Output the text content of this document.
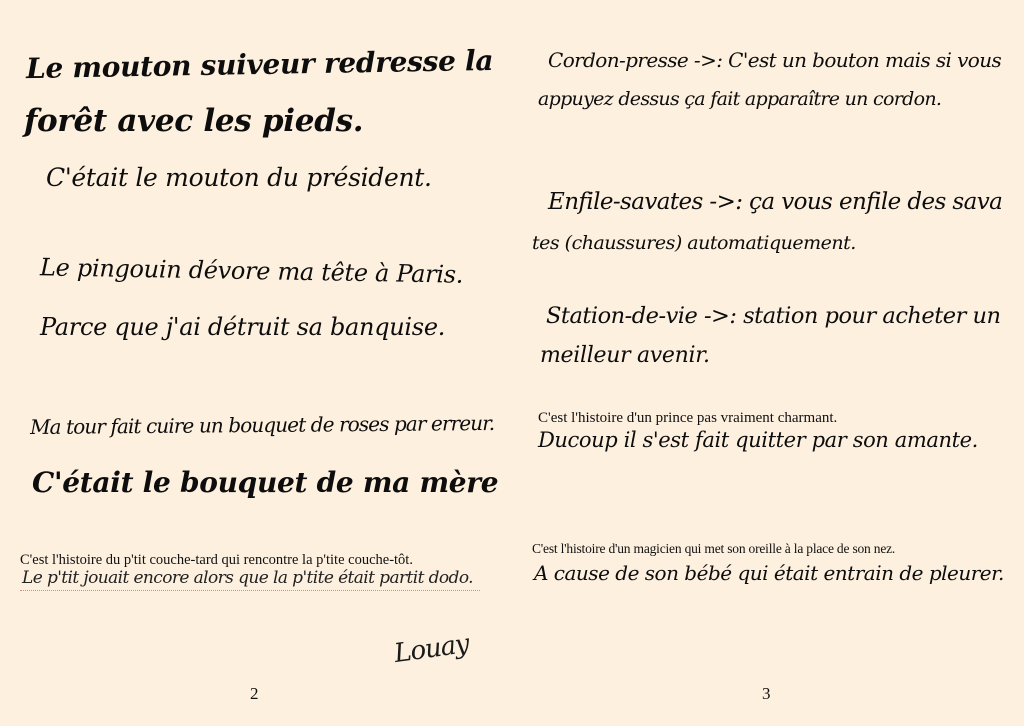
Le mouton suiveur redresse la
forêt avec les pieds.
C'était le mouton du président.
Le pingouin dévore ma tête à Paris.
Parce que j'ai détruit sa banquise.
Ma tour fait cuire un bouquet de roses par erreur.
C'était le bouquet de ma mère
C'est l'histoire du p'tit couche-tard qui rencontre la p'tite couche-tôt.
Le p'tit jouait encore alors que la p'tite était partit dodo.
Louay
2
Cordon-presse ->: C'est un bouton mais si vous
appuyez dessus ça fait apparaître un cordon.
Enfile-savates ->: ça vous enfile des sava
tes (chaussures) automatiquement.
Station-de-vie ->: station pour acheter un
meilleur avenir.
C'est l'histoire d'un prince pas vraiment charmant.
Ducoup il s'est fait quitter par son amante.
C'est l'histoire d'un magicien qui met son oreille à la place de son nez.
A cause de son bébé qui était entrain de pleurer.
3
